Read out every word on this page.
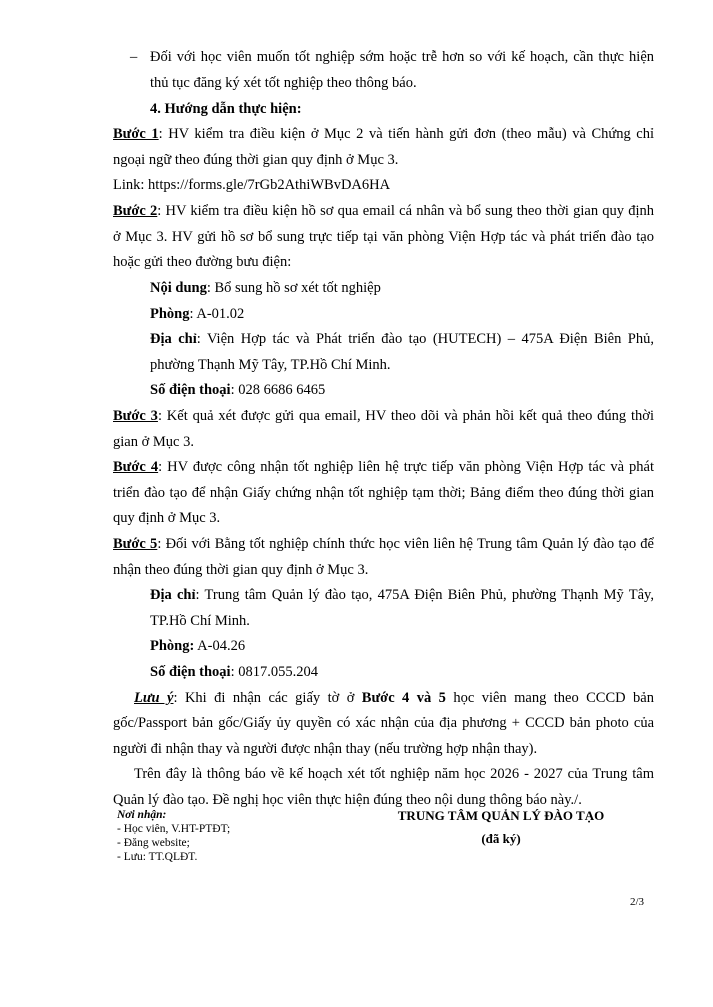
– Đối với học viên muốn tốt nghiệp sớm hoặc trễ hơn so với kế hoạch, cần thực hiện
thủ tục đăng ký xét tốt nghiệp theo thông báo.
4. Hướng dẫn thực hiện:
Bước 1: HV kiểm tra điều kiện ở Mục 2 và tiến hành gửi đơn (theo mẫu) và Chứng chỉ
ngoại ngữ theo đúng thời gian quy định ở Mục 3.
Link: https://forms.gle/7rGb2AthiWBvDA6HA
Bước 2: HV kiểm tra điều kiện hồ sơ qua email cá nhân và bổ sung theo thời gian quy định
ở Mục 3. HV gửi hồ sơ bổ sung trực tiếp tại văn phòng Viện Hợp tác và phát triển đào tạo
hoặc gửi theo đường bưu điện:
Nội dung: Bổ sung hồ sơ xét tốt nghiệp
Phòng: A-01.02
Địa chỉ: Viện Hợp tác và Phát triển đào tạo (HUTECH) – 475A Điện Biên Phủ,
phường Thạnh Mỹ Tây, TP.Hồ Chí Minh.
Số điện thoại: 028 6686 6465
Bước 3: Kết quả xét được gửi qua email, HV theo dõi và phản hồi kết quả theo đúng thời
gian ở Mục 3.
Bước 4: HV được công nhận tốt nghiệp liên hệ trực tiếp văn phòng Viện Hợp tác và phát
triển đào tạo để nhận Giấy chứng nhận tốt nghiệp tạm thời; Bảng điểm theo đúng thời gian
quy định ở Mục 3.
Bước 5: Đối với Bằng tốt nghiệp chính thức học viên liên hệ Trung tâm Quản lý đào tạo để
nhận theo đúng thời gian quy định ở Mục 3.
Địa chỉ: Trung tâm Quản lý đào tạo, 475A Điện Biên Phủ, phường Thạnh Mỹ Tây,
TP.Hồ Chí Minh.
Phòng: A-04.26
Số điện thoại: 0817.055.204
Lưu ý: Khi đi nhận các giấy tờ ở Bước 4 và 5 học viên mang theo CCCD bản
gốc/Passport bản gốc/Giấy ủy quyền có xác nhận của địa phương + CCCD bản photo của
người đi nhận thay và người được nhận thay (nếu trường hợp nhận thay).
Trên đây là thông báo về kế hoạch xét tốt nghiệp năm học 2026 - 2027 của Trung tâm
Quản lý đào tạo. Đề nghị học viên thực hiện đúng theo nội dung thông báo này./.
Nơi nhận:
- Học viên, V.HT-PTĐT;
- Đăng website;
- Lưu: TT.QLĐT.
TRUNG TÂM QUẢN LÝ ĐÀO TẠO
(đã ký)
2/3
